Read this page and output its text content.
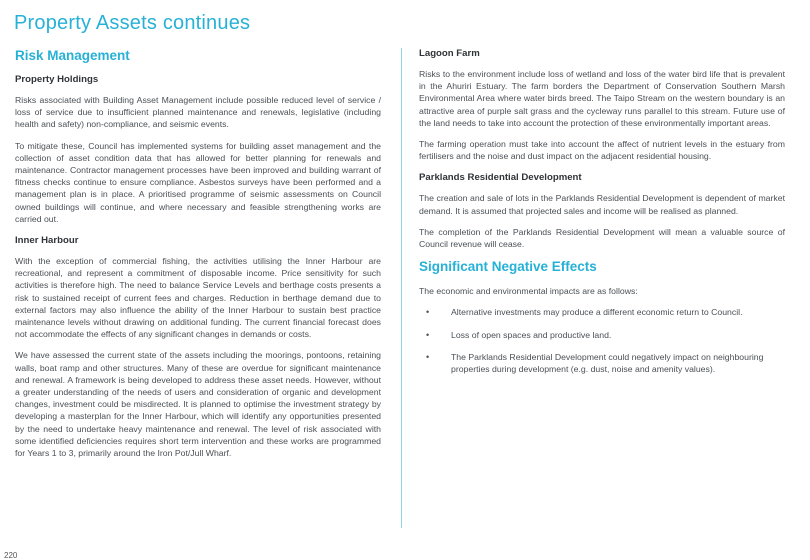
Property Assets continues
Risk Management
Property Holdings

Risks associated with Building Asset Management include possible reduced level of service / loss of service due to insufficient planned maintenance and renewals, legislative (including health and safety) non-compliance, and seismic events.

To mitigate these, Council has implemented systems for building asset management and the collection of asset condition data that has allowed for better planning for renewals and maintenance. Contractor management processes have been improved and building warrant of fitness checks continue to ensure compliance. Asbestos surveys have been performed and a management plan is in place. A prioritised programme of seismic assessments on Council owned buildings will continue, and where necessary and feasible strengthening works are carried out.

Inner Harbour

With the exception of commercial fishing, the activities utilising the Inner Harbour are recreational, and represent a commitment of disposable income. Price sensitivity for such activities is therefore high. The need to balance Service Levels and berthage costs presents a risk to sustained receipt of current fees and charges. Reduction in berthage demand due to external factors may also influence the ability of the Inner Harbour to sustain best practice maintenance levels without drawing on additional funding. The current financial forecast does not accommodate the effects of any significant changes in demands or costs.

We have assessed the current state of the assets including the moorings, pontoons, retaining walls, boat ramp and other structures. Many of these are overdue for significant maintenance and renewal. A framework is being developed to address these asset needs. However, without a greater understanding of the needs of users and consideration of organic and development changes, investment could be misdirected. It is planned to optimise the investment strategy by developing a masterplan for the Inner Harbour, which will identify any opportunities presented by the need to undertake heavy maintenance and renewal. The level of risk associated with some identified deficiencies requires short term intervention and these works are programmed for Years 1 to 3, primarily around the Iron Pot/Jull Wharf.

Lagoon Farm

Risks to the environment include loss of wetland and loss of the water bird life that is prevalent in the Ahuriri Estuary. The farm borders the Department of Conservation Southern Marsh Environmental Area where water birds breed. The Taipo Stream on the western boundary is an attractive area of purple salt grass and the cycleway runs parallel to this stream. Future use of the land needs to take into account the protection of these environmentally important areas.

The farming operation must take into account the affect of nutrient levels in the estuary from fertilisers and the noise and dust impact on the adjacent residential housing.

Parklands Residential Development

The creation and sale of lots in the Parklands Residential Development is dependent of market demand. It is assumed that projected sales and income will be realised as planned.

The completion of the Parklands Residential Development will mean a valuable source of Council revenue will cease.

Significant Negative Effects

The economic and environmental impacts are as follows:

•	Alternative investments may produce a different economic return to Council.
•	Loss of open spaces and productive land.
•	The Parklands Residential Development could negatively impact on neighbouring properties during development (e.g. dust, noise and amenity values).
220
